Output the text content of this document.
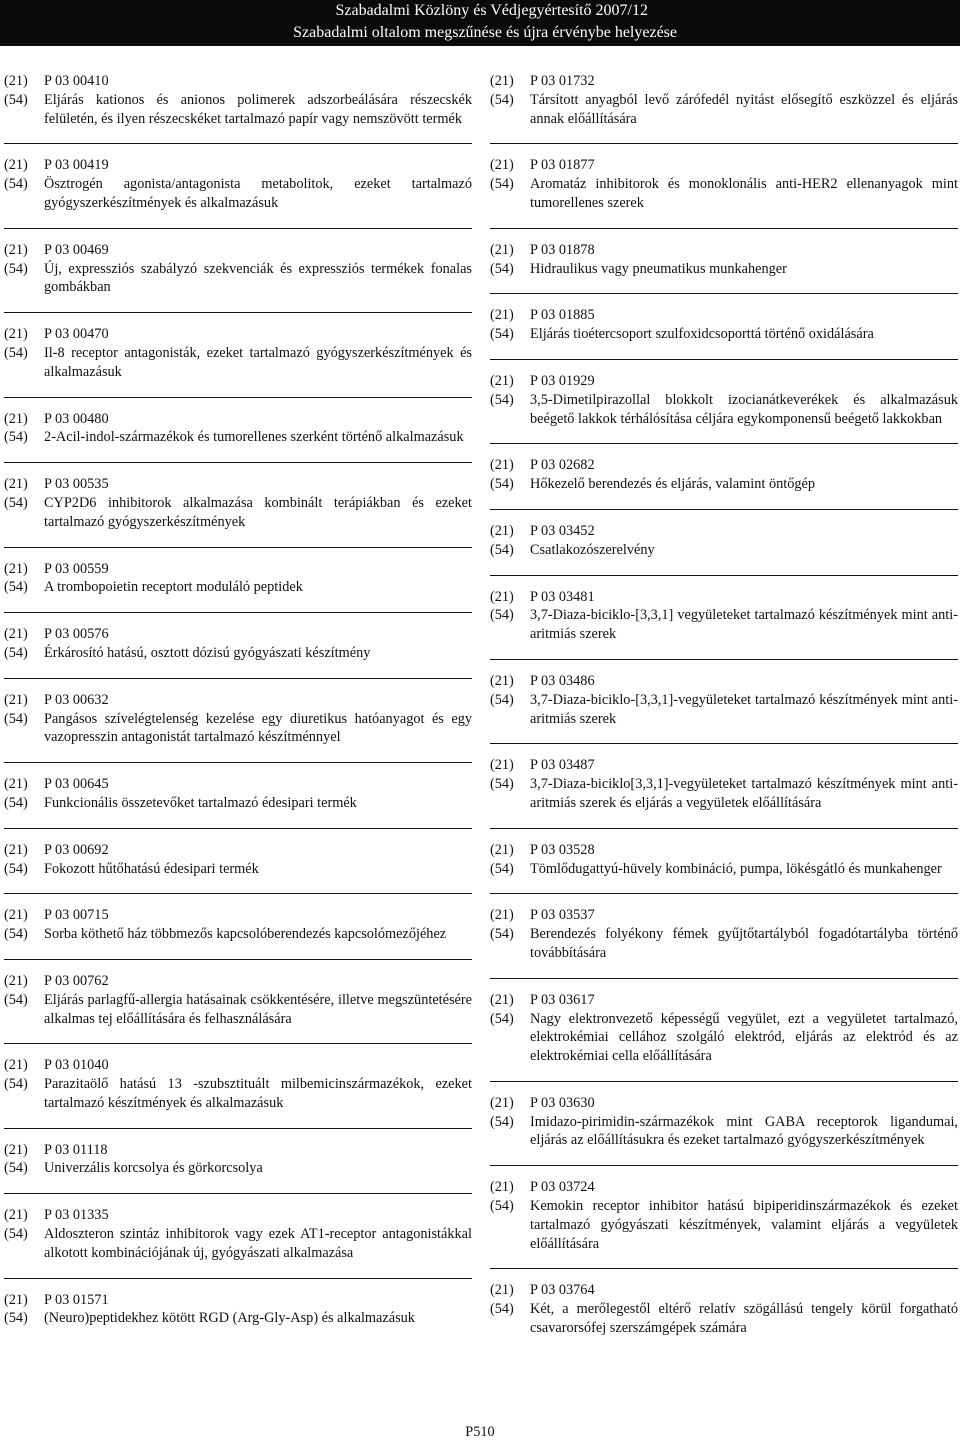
Szabadalmi Közlöny és Védjegyértesítő 2007/12
Szabadalmi oltalom megszűnése és újra érvénybe helyezése
(21)	P 03 00410
(54)	Eljárás kationos és anionos polimerek adszorbeálására részecskék felületén, és ilyen részecskéket tartalmazó papír vagy nemszövött termék
(21)	P 03 00419
(54)	Ösztrogén agonista/antagonista metabolitok, ezeket tartalmazó gyógyszerkészítmények és alkalmazásuk
(21)	P 03 00469
(54)	Új, expressziós szabályzó szekvenciák és expressziós termékek fonalas gombákban
(21)	P 03 00470
(54)	Il-8 receptor antagonisták, ezeket tartalmazó gyógyszerkészítmények és alkalmazásuk
(21)	P 03 00480
(54)	2-Acil-indol-származékok és tumorellenes szerként történő alkalmazásuk
(21)	P 03 00535
(54)	CYP2D6 inhibitorok alkalmazása kombinált terápiákban és ezeket tartalmazó gyógyszerkészítmények
(21)	P 03 00559
(54)	A trombopoietin receptort moduláló peptidek
(21)	P 03 00576
(54)	Érkárosító hatású, osztott dózisú gyógyászati készítmény
(21)	P 03 00632
(54)	Pangásos szívelégtelenség kezelése egy diuretikus hatóanyagot és egy vazopresszin antagonistát tartalmazó készítménnyel
(21)	P 03 00645
(54)	Funkcionális összetevőket tartalmazó édesipari termék
(21)	P 03 00692
(54)	Fokozott hűtőhatású édesipari termék
(21)	P 03 00715
(54)	Sorba köthető ház többmezős kapcsolóberendezés kapcsolómezőjéhez
(21)	P 03 00762
(54)	Eljárás parlagfű-allergia hatásainak csökkentésére, illetve megszüntetésére alkalmas tej előállítására és felhasználására
(21)	P 03 01040
(54)	Parazitaölő hatású 13 -szubsztituált milbemicinszármazékok, ezeket tartalmazó készítmények és alkalmazásuk
(21)	P 03 01118
(54)	Univerzális korcsolya és görkorcsolya
(21)	P 03 01335
(54)	Aldoszteron szintáz inhibitorok vagy ezek AT1-receptor antagonistákkal alkotott kombinációjának új, gyógyászati alkalmazása
(21)	P 03 01571
(54)	(Neuro)peptidekhez kötött RGD (Arg-Gly-Asp) és alkalmazásuk
(21)	P 03 01732
(54)	Társított anyagból levő zárófedél nyitást elősegítő eszközzel és eljárás annak előállítására
(21)	P 03 01877
(54)	Aromatáz inhibitorok és monoklonális anti-HER2 ellenanyagok mint tumorellenes szerek
(21)	P 03 01878
(54)	Hidraulikus vagy pneumatikus munkahenger
(21)	P 03 01885
(54)	Eljárás tioétercsoport szulfoxidcsoporttá történő oxidálására
(21)	P 03 01929
(54)	3,5-Dimetilpirazollal blokkolt izocianátkeverékek és alkalmazásuk beégető lakkok térhálósítása céljára egykomponensű beégető lakkokban
(21)	P 03 02682
(54)	Hőkezelő berendezés és eljárás, valamint öntőgép
(21)	P 03 03452
(54)	Csatlakozószerelvény
(21)	P 03 03481
(54)	3,7-Diaza-biciklo-[3,3,1] vegyületeket tartalmazó készítmények mint anti-aritmiás szerek
(21)	P 03 03486
(54)	3,7-Diaza-biciklo-[3,3,1]-vegyületeket tartalmazó készítmények mint anti-aritmiás szerek
(21)	P 03 03487
(54)	3,7-Diaza-biciklo[3,3,1]-vegyületeket tartalmazó készítmények mint anti-aritmiás szerek és eljárás a vegyületek előállítására
(21)	P 03 03528
(54)	Tömlődugattyú-hüvely kombináció, pumpa, lökésgátló és munkahenger
(21)	P 03 03537
(54)	Berendezés folyékony fémek gyűjtőtartályból fogadótartályba történő továbbítására
(21)	P 03 03617
(54)	Nagy elektronvezető képességű vegyület, ezt a vegyületet tartalmazó, elektrokémiai cellához szolgáló elektród, eljárás az elektród és az elektrokémiai cella előállítására
(21)	P 03 03630
(54)	Imidazo-pirimidin-származékok mint GABA receptorok ligandumai, eljárás az előállításukra és ezeket tartalmazó gyógyszerkészítmények
(21)	P 03 03724
(54)	Kemokin receptor inhibitor hatású bipiperidinszármazékok és ezeket tartalmazó gyógyászati készítmények, valamint eljárás a vegyületek előállítására
(21)	P 03 03764
(54)	Két, a merőlegestől eltérő relatív szögállású tengely körül forgatható csavarorsófej szerszámgépek számára
P510
